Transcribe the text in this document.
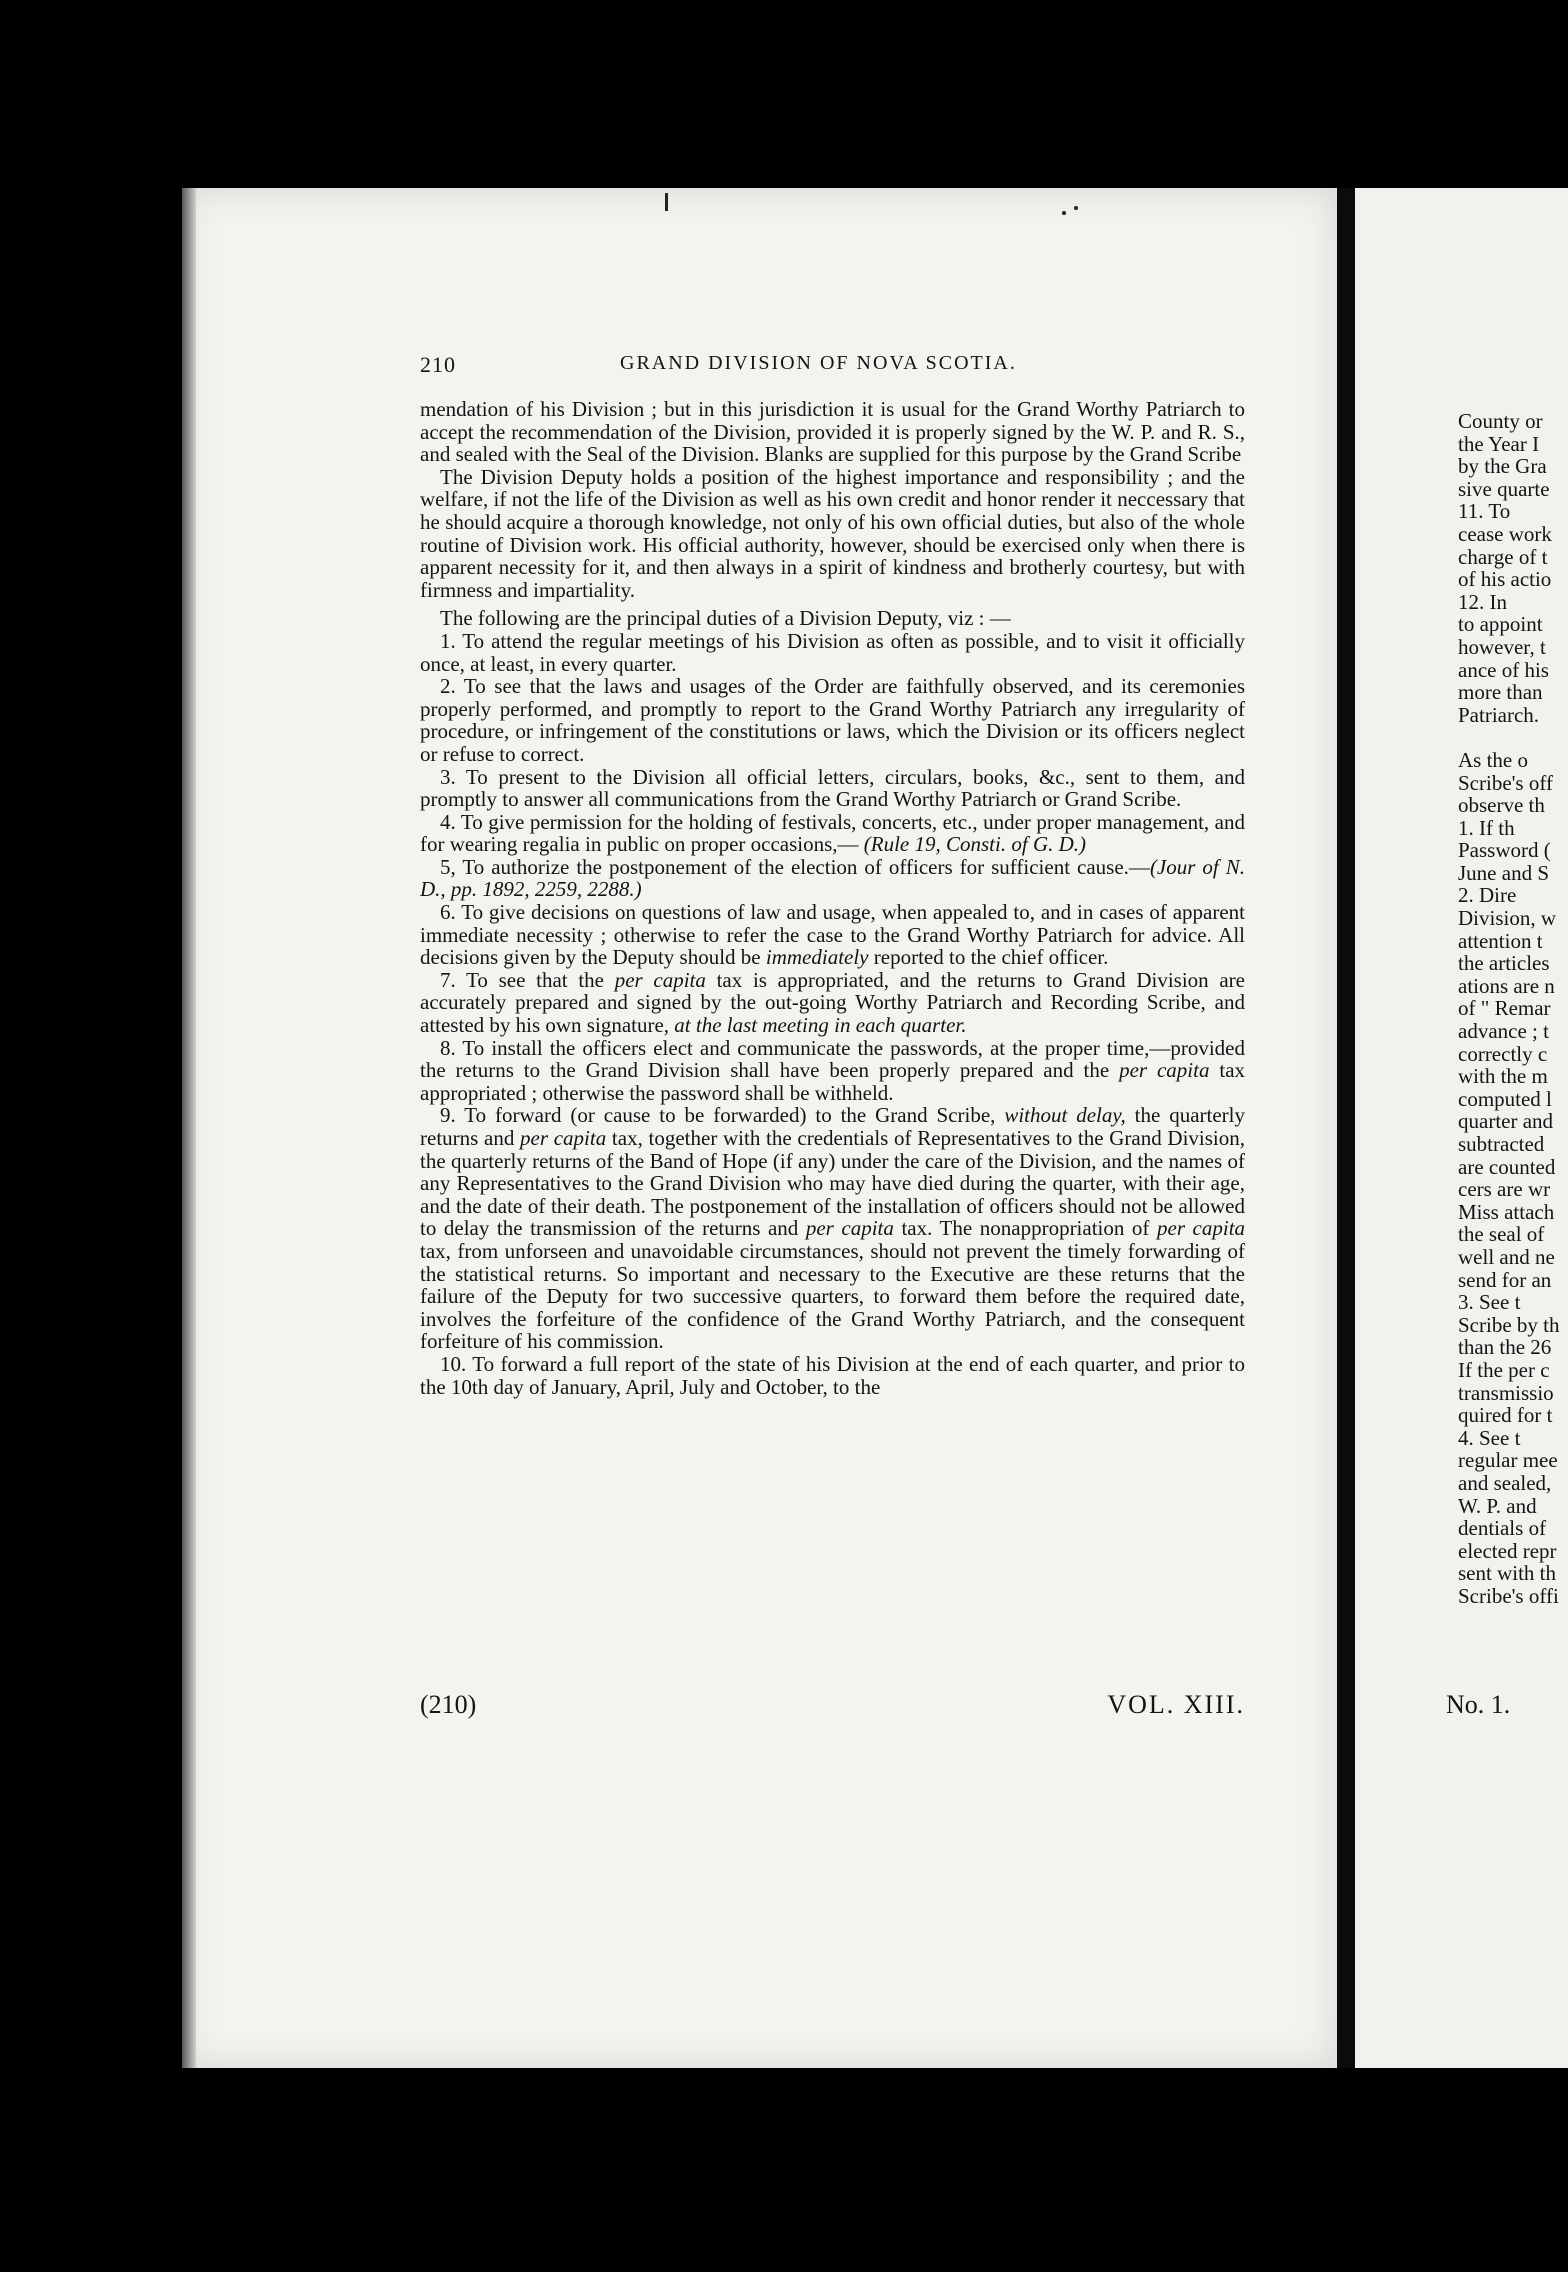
210	GRAND DIVISION OF NOVA SCOTIA.

mendation of his Division ; but in this jurisdiction it is usual for the Grand Worthy Patriarch to accept the recommendation of the Division, provided it is properly signed by the W. P. and R. S., and sealed with the Seal of the Division. Blanks are supplied for this purpose by the Grand Scribe

The Division Deputy holds a position of the highest importance and responsibility ; and the welfare, if not the life of the Division as well as his own credit and honor render it neccessary that he should acquire a thorough knowledge, not only of his own official duties, but also of the whole routine of Division work. His official authority, however, should be exercised only when there is apparent necessity for it, and then always in a spirit of kindness and brotherly courtesy, but with firmness and impartiality.

The following are the principal duties of a Division Deputy, viz : —

1. To attend the regular meetings of his Division as often as possible, and to visit it officially once, at least, in every quarter.

2. To see that the laws and usages of the Order are faithfully observed, and its ceremonies properly performed, and promptly to report to the Grand Worthy Patriarch any irregularity of procedure, or infringement of the constitutions or laws, which the Division or its officers neglect or refuse to correct.

3. To present to the Division all official letters, circulars, books, &c., sent to them, and promptly to answer all communications from the Grand Worthy Patriarch or Grand Scribe.

4. To give permission for the holding of festivals, concerts, etc., under proper management, and for wearing regalia in public on proper occasions,— (Rule 19, Consti. of G. D.)

5, To authorize the postponement of the election of officers for sufficient cause.—(Jour of N. D., pp. 1892, 2259, 2288.)

6. To give decisions on questions of law and usage, when appealed to, and in cases of apparent immediate necessity ; otherwise to refer the case to the Grand Worthy Patriarch for advice. All decisions given by the Deputy should be immediately reported to the chief officer.

7. To see that the per capita tax is appropriated, and the returns to Grand Division are accurately prepared and signed by the out-going Worthy Patriarch and Recording Scribe, and attested by his own signature, at the last meeting in each quarter.

8. To install the officers elect and communicate the passwords, at the proper time,—provided the returns to the Grand Division shall have been properly prepared and the per capita tax appropriated ; otherwise the password shall be withheld.

9. To forward (or cause to be forwarded) to the Grand Scribe, without delay, the quarterly returns and per capita tax, together with the credentials of Representatives to the Grand Division, the quarterly returns of the Band of Hope (if any) under the care of the Division, and the names of any Representatives to the Grand Division who may have died during the quarter, with their age, and the date of their death. The postponement of the installation of officers should not be allowed to delay the transmission of the returns and per capita tax. The nonappropriation of per capita tax, from unforseen and unavoidable circumstances, should not prevent the timely forwarding of the statistical returns. So important and necessary to the Executive are these returns that the failure of the Deputy for two successive quarters, to forward them before the required date, involves the forfeiture of the confidence of the Grand Worthy Patriarch, and the consequent forfeiture of his commission.

10. To forward a full report of the state of his Division at the end of each quarter, and prior to the 10th day of January, April, July and October, to the

(210)	VOL. XIII.
County or
the Year I
by the Gra
sive quarte
11. To
cease work
charge of t
of his actio
12. In
to appoint
however, t
ance of his
more than
Patriarch.
As the o
Scribe's off
observe th
1. If th
Password (
June and S
2. Dire
Division, w
attention t
the articles
ations are n
of " Remar
advance ; t
correctly c
with the m
computed l
quarter and
subtracted
are counted
cers are wr
Miss attach
the seal of
well and ne
send for an
3. See t
Scribe by th
than the 26
If the per c
transmissio
quired for t
4. See t
regular mee
and sealed,
W. P. and
dentials of
elected repr
sent with th
Scribe's offi
No. 1.
